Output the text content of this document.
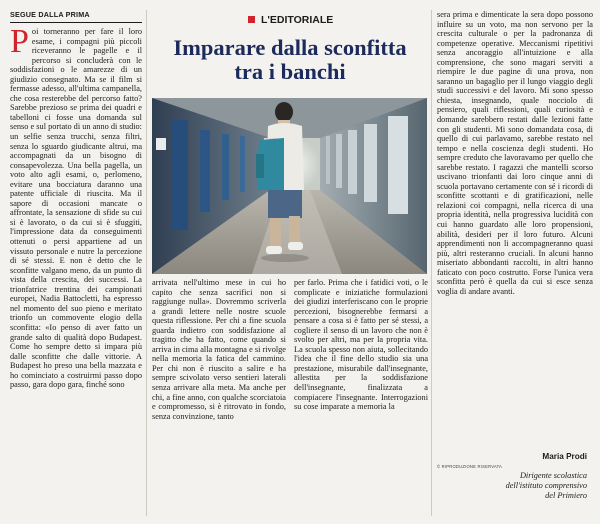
SEGUE DALLA PRIMA
Poi torneranno per fare il loro esame, i compagni più piccoli riceveranno le pagelle e il percorso si concluderà con le soddisfazioni o le amarezze di un giudizio consegnato. Ma se il film si fermasse adesso, all'ultima campanella, che cosa resterebbe del percorso fatto? Sarebbe prezioso se prima dei quadri e tabelloni ci fosse una domanda sul senso e sul portato di un anno di studio: un selfie senza trucchi, senza filtri, senza lo sguardo giudicante altrui, ma accompagnati da un bisogno di consapevolezza. Una bella pagella, un voto alto agli esami, o, perlomeno, evitare una bocciatura daranno una patente ufficiale di riuscita. Ma il sapore di occasioni mancate o affrontate, la sensazione di sfide su cui si è lavorato, o da cui si è sfuggiti, l'impressione data da conseguimenti ottenuti o persi appartiene ad un vissuto personale e nutre la percezione di sé stessi. E non è detto che le sconfitte valgano meno, da un punto di vista della crescita, dei successi. La trionfatrice trentina dei campionati europei, Nadia Battocletti, ha espresso nel momento del suo pieno e meritato trionfo un commovente elogio della sconfitta: «Io penso di aver fatto un grande salto di qualità dopo Budapest. Come ho sempre detto si impara più dalle sconfitte che dalle vittorie. A Budapest ho preso una bella mazzata e ho cominciato a costruirmi passo dopo passo, gara dopo gara, finché sono
L'EDITORIALE
Imparare dalla sconfitta
tra i banchi
arrivata nell'ultimo mese in cui ho capito che senza sacrifici non si raggiunge nulla». Dovremmo scriverla a grandi lettere nelle nostre scuole questa riflessione. Per chi a fine scuola guarda indietro con soddisfazione al tragitto che ha fatto, come quando si arriva in cima alla montagna e si rivolge nella memoria la fatica del cammino. Per chi non è riuscito a salire e ha sempre scivolato verso sentieri laterali senza arrivare alla meta. Ma anche per chi, a fine anno, con qualche scorciatoia e compromesso, si è ritrovato in fondo, senza convinzione, tanto
per farlo. Prima che i fatidici voti, o le complicate e iniziatiche formulazioni dei giudizi interferiscano con le proprie percezioni, bisognerebbe fermarsi a pensare a cosa si è fatto per sé stessi, a cogliere il senso di un lavoro che non è svolto per altri, ma per la propria vita. La scuola spesso non aiuta, sollecitando l'idea che il fine dello studio sia una prestazione, misurabile dall'insegnante, allestita per la soddisfazione dell'insegnante, finalizzata a compiacere l'insegnante. Interrogazioni su cose imparate a memoria la
sera prima e dimenticate la sera dopo possono influire su un voto, ma non servono per la crescita culturale o per la padronanza di competenze operative. Meccanismi ripetitivi senza ancoraggio all'intuizione e alla comprensione, che sono magari serviti a riempire le due pagine di una prova, non saranno un bagaglio per il lungo viaggio degli studi successivi e del lavoro. Mi sono spesso chiesta, insegnando, quale nocciolo di pensiero, quali riflessioni, quali curiosità e domande sarebbero restati dalle lezioni fatte con gli studenti. Mi sono domandata cosa, di quello di cui parlavamo, sarebbe restato nel tempo e nella coscienza degli studenti. Ho sempre creduto che lavoravamo per quello che sarebbe restato. I ragazzi che mantelli scorso uscivano trionfanti dai loro cinque anni di scuola portavano certamente con sé i ricordi di sconfitte scottanti e di gratificazioni, nelle relazioni coi compagni, nella ricerca di una propria identità, nella progressiva lucidità con cui hanno guardato alle loro propensioni, abilità, desideri per il loro futuro. Alcuni apprendimenti non li accompagneranno quasi più, altri resteranno cruciali. In alcuni hanno miseriato abbondanti raccolti, in altri hanno faticato con poco costrutto. Forse l'unica vera sconfitta però è quella da cui si esce senza voglia di andare avanti.

Maria Prodi

© RIPRODUZIONE RISERVATA

Dirigente scolastica
dell'istituto comprensivo
del Primiero
